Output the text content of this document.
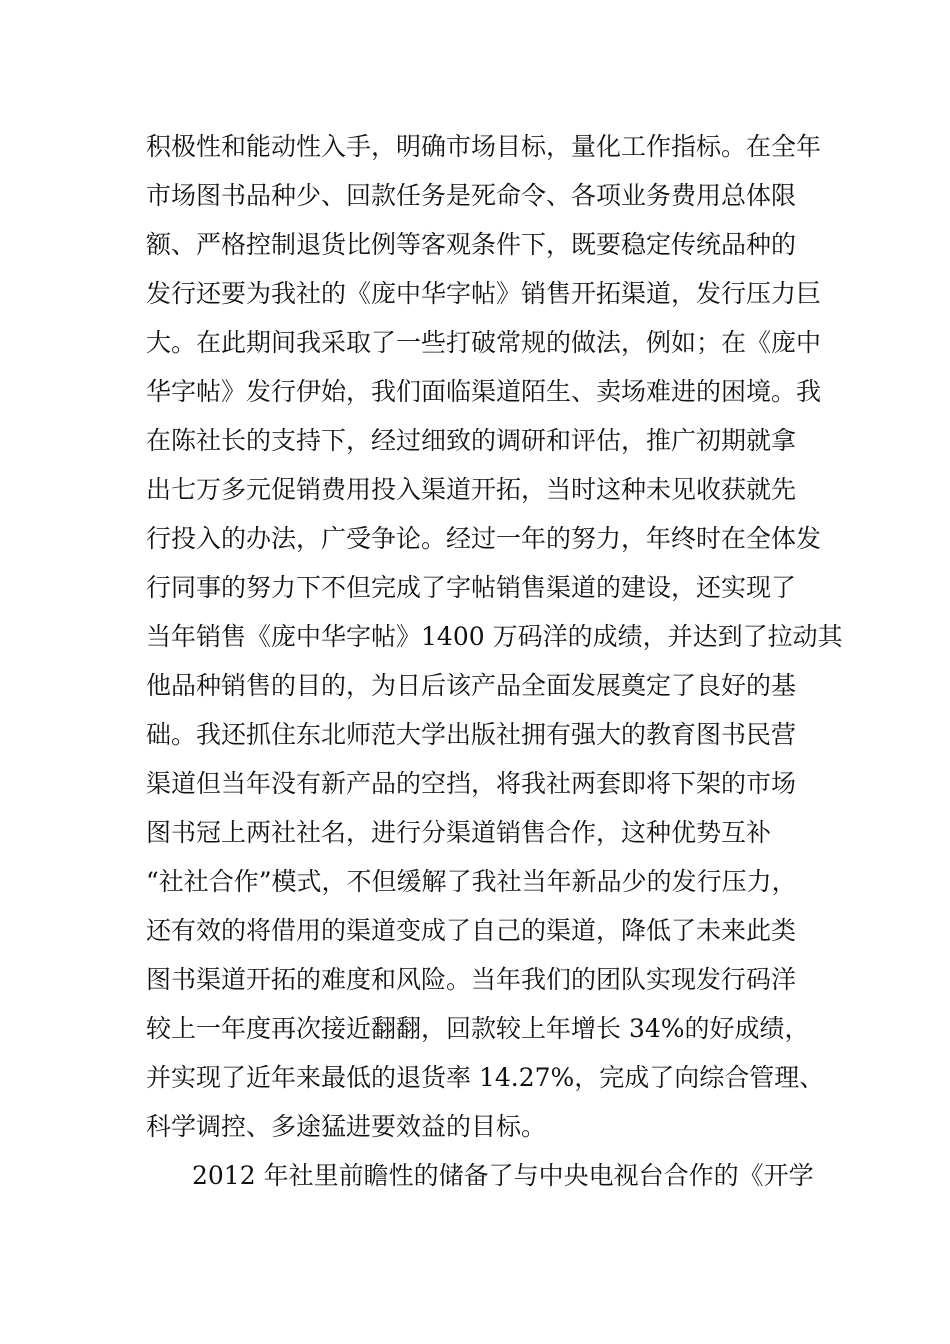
积极性和能动性入手，明确市场目标，量化工作指标。在全年
市场图书品种少、回款任务是死命令、各项业务费用总体限
额、严格控制退货比例等客观条件下，既要稳定传统品种的
发行还要为我社的《庞中华字帖》销售开拓渠道，发行压力巨
大。在此期间我采取了一些打破常规的做法，例如；在《庞中
华字帖》发行伊始，我们面临渠道陌生、卖场难进的困境。我
在陈社长的支持下，经过细致的调研和评估，推广初期就拿
出七万多元促销费用投入渠道开拓，当时这种未见收获就先
行投入的办法，广受争论。经过一年的努力，年终时在全体发
行同事的努力下不但完成了字帖销售渠道的建设，还实现了
当年销售《庞中华字帖》1400 万码洋的成绩，并达到了拉动其
他品种销售的目的，为日后该产品全面发展奠定了良好的基
础。我还抓住东北师范大学出版社拥有强大的教育图书民营
渠道但当年没有新产品的空挡，将我社两套即将下架的市场
图书冠上两社社名，进行分渠道销售合作，这种优势互补
“社社合作”模式，不但缓解了我社当年新品少的发行压力，
还有效的将借用的渠道变成了自己的渠道，降低了未来此类
图书渠道开拓的难度和风险。当年我们的团队实现发行码洋
较上一年度再次接近翻翻，回款较上年增长 34%的好成绩，
并实现了近年来最低的退货率 14.27%，完成了向综合管理、
科学调控、多途猛进要效益的目标。
2012 年社里前瞻性的储备了与中央电视台合作的《开学
